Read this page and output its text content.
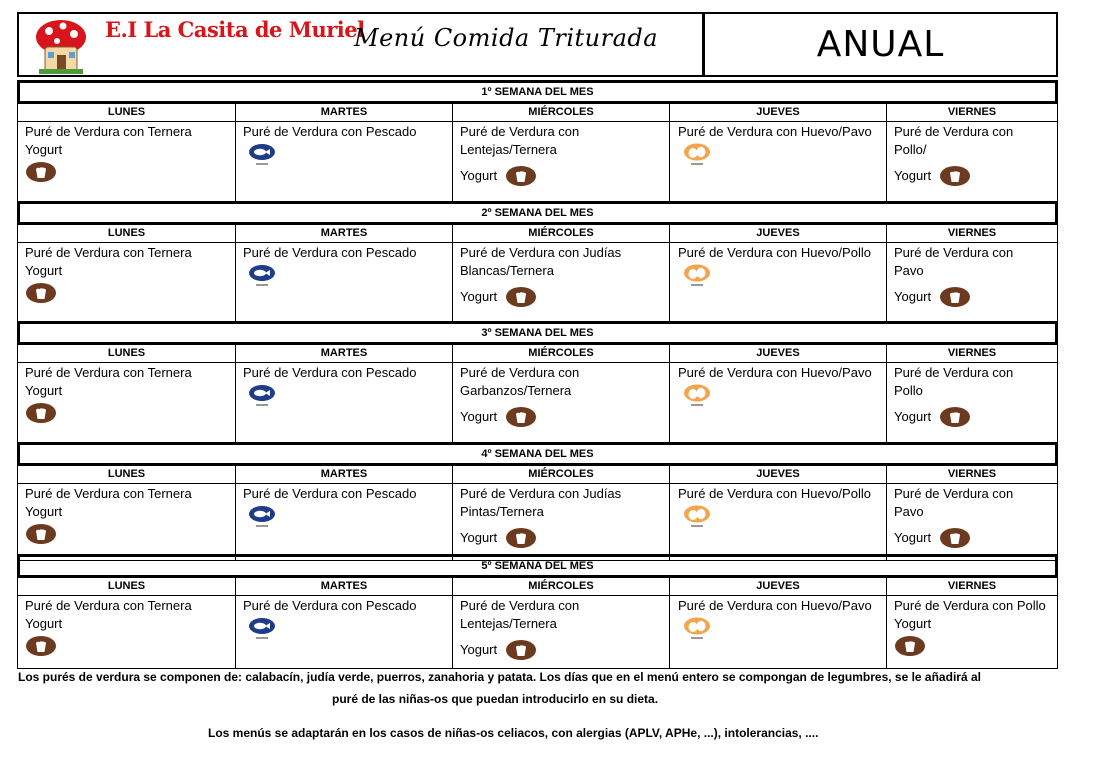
E.I La Casita de Muriel
Menú Comida Triturada	ANUAL
1º SEMANA DEL MES
LUNES
Puré de Verdura con Ternera
Yogurt
MARTES
Puré de Verdura con Pescado
MIÉRCOLES
Puré de Verdura con
Lentejas/Ternera
Yogurt
JUEVES
Puré de Verdura con Huevo/Pavo
VIERNES
Puré de Verdura con
Pollo/
Yogurt
2º SEMANA DEL MES
LUNES
Puré de Verdura con Ternera
Yogurt
MARTES
Puré de Verdura con Pescado
MIÉRCOLES
Puré de Verdura con Judías
Blancas/Ternera
Yogurt
JUEVES
Puré de Verdura con Huevo/Pollo
VIERNES
Puré de Verdura con
Pavo
Yogurt
3º SEMANA DEL MES
LUNES
Puré de Verdura con Ternera
Yogurt
MARTES
Puré de Verdura con Pescado
MIÉRCOLES
Puré de Verdura con
Garbanzos/Ternera
Yogurt
JUEVES
Puré de Verdura con Huevo/Pavo
VIERNES
Puré de Verdura con
Pollo
Yogurt
4º SEMANA DEL MES
LUNES
Puré de Verdura con Ternera
Yogurt
MARTES
Puré de Verdura con Pescado
MIÉRCOLES
Puré de Verdura con Judías
Pintas/Ternera
Yogurt
JUEVES
Puré de Verdura con Huevo/Pollo
VIERNES
Puré de Verdura con
Pavo
Yogurt
5º SEMANA DEL MES
LUNES
Puré de Verdura con Ternera
Yogurt
MARTES
Puré de Verdura con Pescado
MIÉRCOLES
Puré de Verdura con
Lentejas/Ternera
Yogurt
JUEVES
Puré de Verdura con Huevo/Pavo
VIERNES
Puré de Verdura con Pollo
Yogurt
Los purés de verdura se componen de: calabacín, judía verde, puerros, zanahoria y patata. Los días que en el menú entero se compongan de legumbres, se le añadirá al
puré de las niñas-os que puedan introducirlo en su dieta.
Los menús se adaptarán en los casos de niñas-os celiacos, con alergias (APLV, APHe, ...), intolerancias, ....
